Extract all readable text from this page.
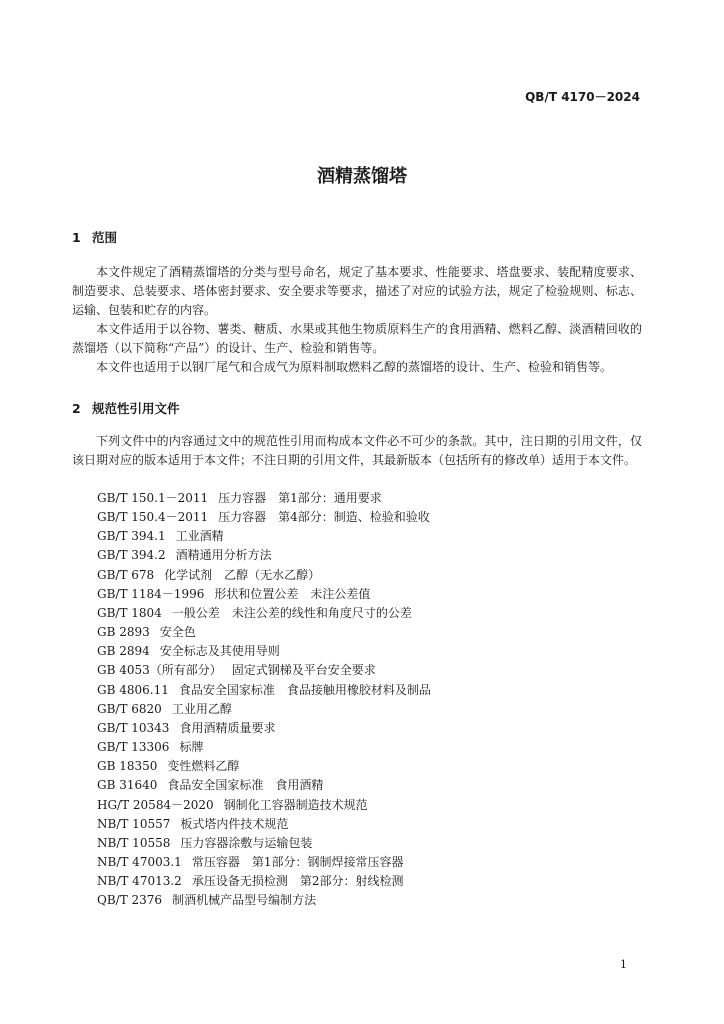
QB/T 4170－2024
酒精蒸馏塔
1 范围

本文件规定了酒精蒸馏塔的分类与型号命名，规定了基本要求、性能要求、塔盘要求、装配精度要求、制造要求、总装要求、塔体密封要求、安全要求等要求，描述了对应的试验方法，规定了检验规则、标志、运输、包装和贮存的内容。

本文件适用于以谷物、薯类、糖质、水果或其他生物质原料生产的食用酒精、燃料乙醇、淡酒精回收的蒸馏塔（以下简称“产品”）的设计、生产、检验和销售等。

本文件也适用于以钢厂尾气和合成气为原料制取燃料乙醇的蒸馏塔的设计、生产、检验和销售等。

2 规范性引用文件

下列文件中的内容通过文中的规范性引用而构成本文件必不可少的条款。其中，注日期的引用文件，仅该日期对应的版本适用于本文件；不注日期的引用文件，其最新版本（包括所有的修改单）适用于本文件。

GB/T 150.1－2011 压力容器　第1部分：通用要求
GB/T 150.4－2011 压力容器　第4部分：制造、检验和验收
GB/T 394.1 工业酒精
GB/T 394.2 酒精通用分析方法
GB/T 678 化学试剂　乙醇（无水乙醇）
GB/T 1184－1996 形状和位置公差　未注公差值
GB/T 1804 一般公差　未注公差的线性和角度尺寸的公差
GB 2893 安全色
GB 2894 安全标志及其使用导则
GB 4053（所有部分） 固定式钢梯及平台安全要求
GB 4806.11 食品安全国家标准　食品接触用橡胶材料及制品
GB/T 6820 工业用乙醇
GB/T 10343 食用酒精质量要求
GB/T 13306 标牌
GB 18350 变性燃料乙醇
GB 31640 食品安全国家标准　食用酒精
HG/T 20584－2020 钢制化工容器制造技术规范
NB/T 10557 板式塔内件技术规范
NB/T 10558 压力容器涂敷与运输包装
NB/T 47003.1 常压容器　第1部分：钢制焊接常压容器
NB/T 47013.2 承压设备无损检测　第2部分：射线检测
QB/T 2376 制酒机械产品型号编制方法
1
